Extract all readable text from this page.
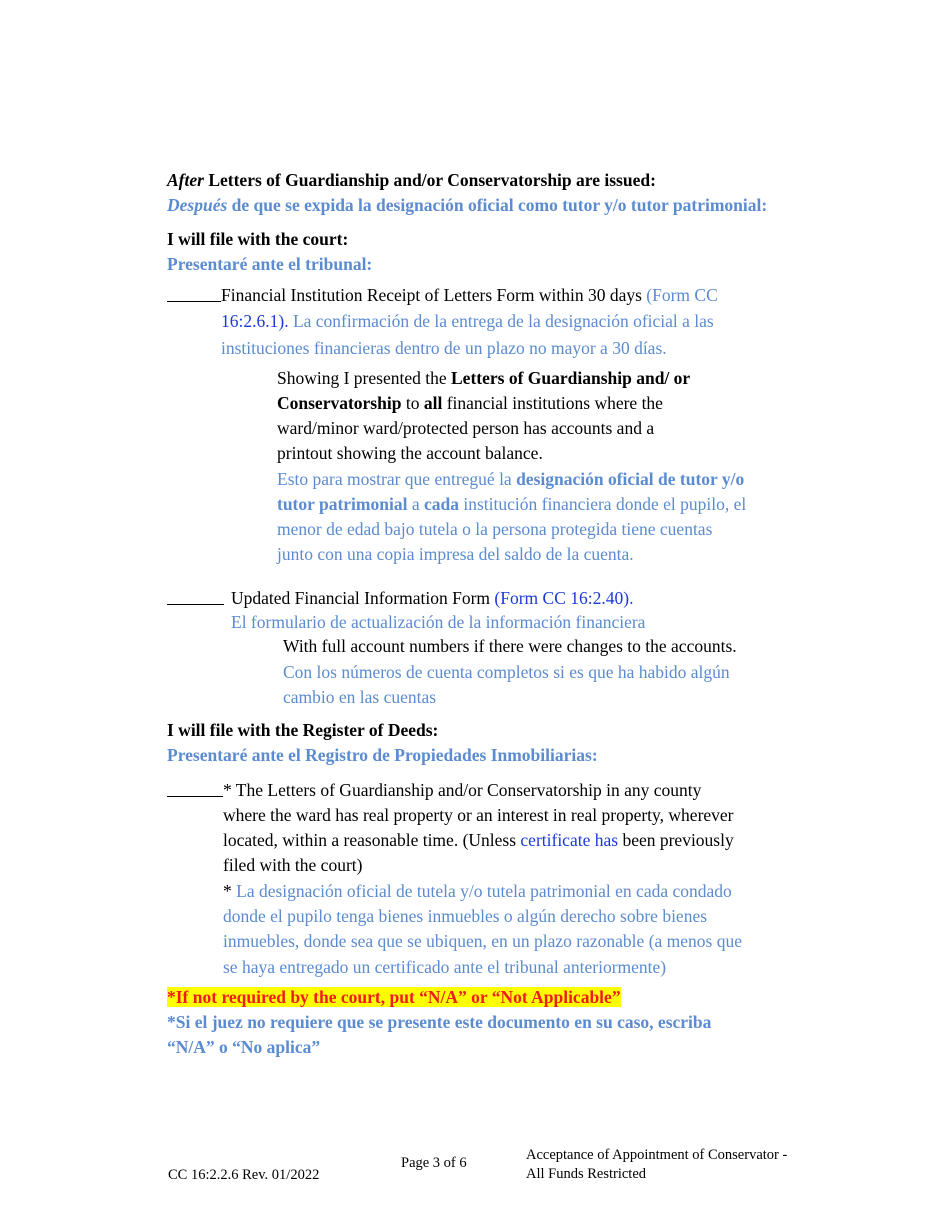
After Letters of Guardianship and/or Conservatorship are issued:
Después de que se expida la designación oficial como tutor y/o tutor patrimonial:
I will file with the court:
Presentaré ante el tribunal:
Financial Institution Receipt of Letters Form within 30 days (Form CC
16:2.6.1). La confirmación de la entrega de la designación oficial a las
instituciones financieras dentro de un plazo no mayor a 30 días.
Showing I presented the Letters of Guardianship and/ or
Conservatorship to all financial institutions where the
ward/minor ward/protected person has accounts and a
printout showing the account balance.
Esto para mostrar que entregué la designación oficial de tutor y/o
tutor patrimonial a cada institución financiera donde el pupilo, el
menor de edad bajo tutela o la persona protegida tiene cuentas
junto con una copia impresa del saldo de la cuenta.
Updated Financial Information Form (Form CC 16:2.40).
El formulario de actualización de la información financiera
With full account numbers if there were changes to the accounts.
Con los números de cuenta completos si es que ha habido algún
cambio en las cuentas
I will file with the Register of Deeds:
Presentaré ante el Registro de Propiedades Inmobiliarias:
* The Letters of Guardianship and/or Conservatorship in any county
where the ward has real property or an interest in real property, wherever
located, within a reasonable time. (Unless certificate has been previously
filed with the court)
* La designación oficial de tutela y/o tutela patrimonial en cada condado
donde el pupilo tenga bienes inmuebles o algún derecho sobre bienes
inmuebles, donde sea que se ubiquen, en un plazo razonable (a menos que
se haya entregado un certificado ante el tribunal anteriormente)
*If not required by the court, put “N/A” or “Not Applicable”
*Si el juez no requiere que se presente este documento en su caso, escriba
“N/A” o “No aplica”
CC 16:2.2.6 Rev. 01/2022
Page 3 of 6	Acceptance of Appointment of Conservator -
All Funds Restricted
